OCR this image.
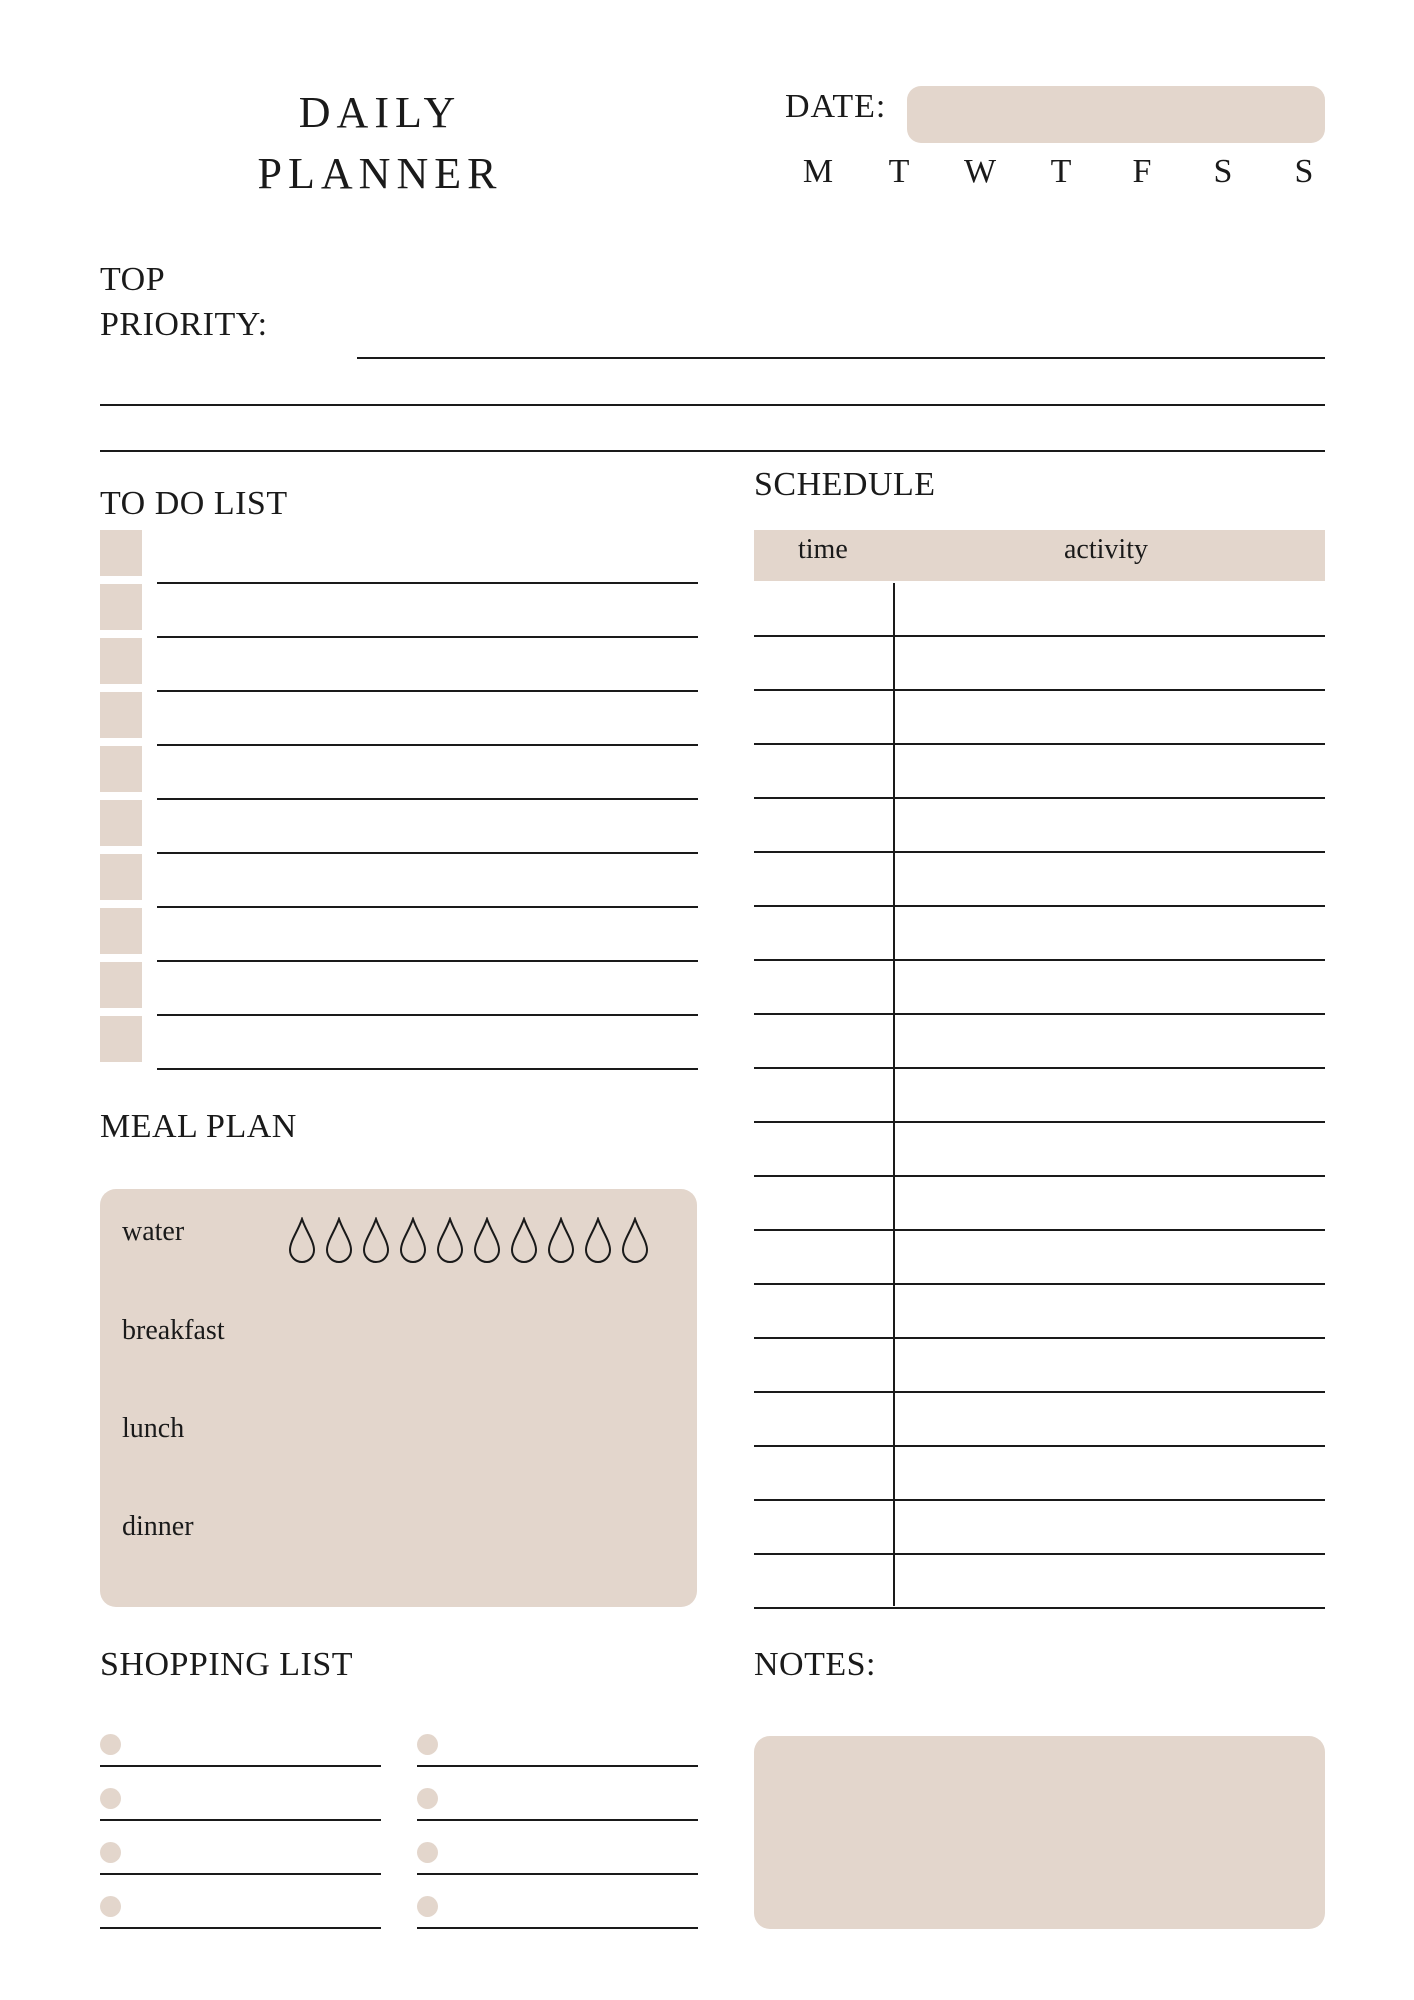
DAILY
PLANNER
DATE:
M T W T	F	S	S
TOP
PRIORITY:
TO DO LIST
SCHEDULE
time	activity
MEAL PLAN
water
breakfast
lunch
dinner
SHOPPING LIST	NOTES:
